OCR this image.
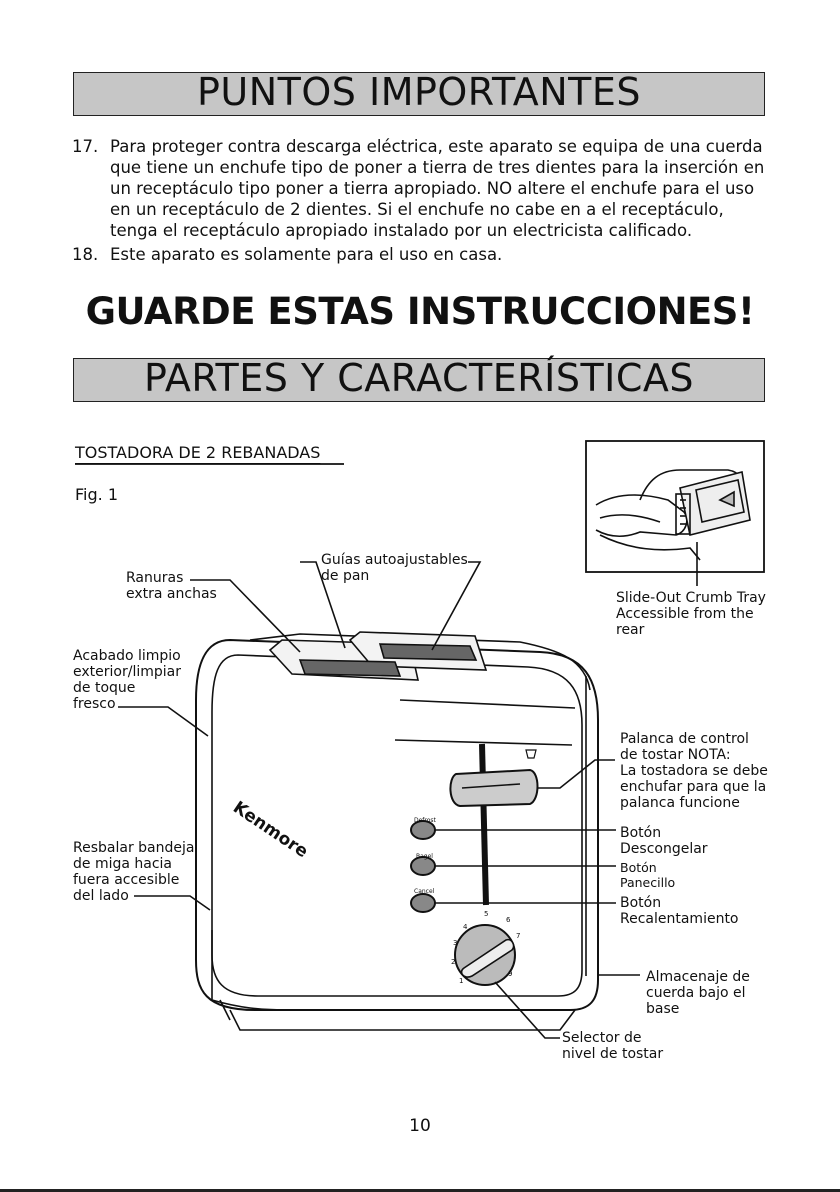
PUNTOS IMPORTANTES
17. Para proteger contra descarga eléctrica, este aparato se equipa de una cuerda que tiene un enchufe tipo de poner a tierra de tres dientes para la inserción en un receptáculo tipo poner a tierra apropiado. NO altere el enchufe para el uso en un receptáculo de 2 dientes. Si el enchufe no cabe en a el receptáculo, tenga el receptáculo apropiado instalado por un electricista calificado.
18. Este aparato es solamente para el uso en casa.
GUARDE ESTAS INSTRUCCIONES!
PARTES Y CARACTERÍSTICAS
TOSTADORA DE 2 REBANADAS
Fig. 1
Kenmore	Defrost
Bagel
Cancel
1
2
3
4
5
6
7
9
Ranuras
extra anchas
Guías autoajustables
de pan
Slide-Out Crumb Tray
Accessible from the
rear
Acabado limpio
exterior/limpiar
de toque
fresco
Palanca de control
de tostar NOTA:
La tostadora se debe
enchufar para que la
palanca funcione
Resbalar bandeja
de miga hacia
fuera accesible
del lado
Botón
Descongelar
Botón
Panecillo
Botón
Recalentamiento
Almacenaje de
cuerda bajo el
base
Selector de
nivel de tostar
10
